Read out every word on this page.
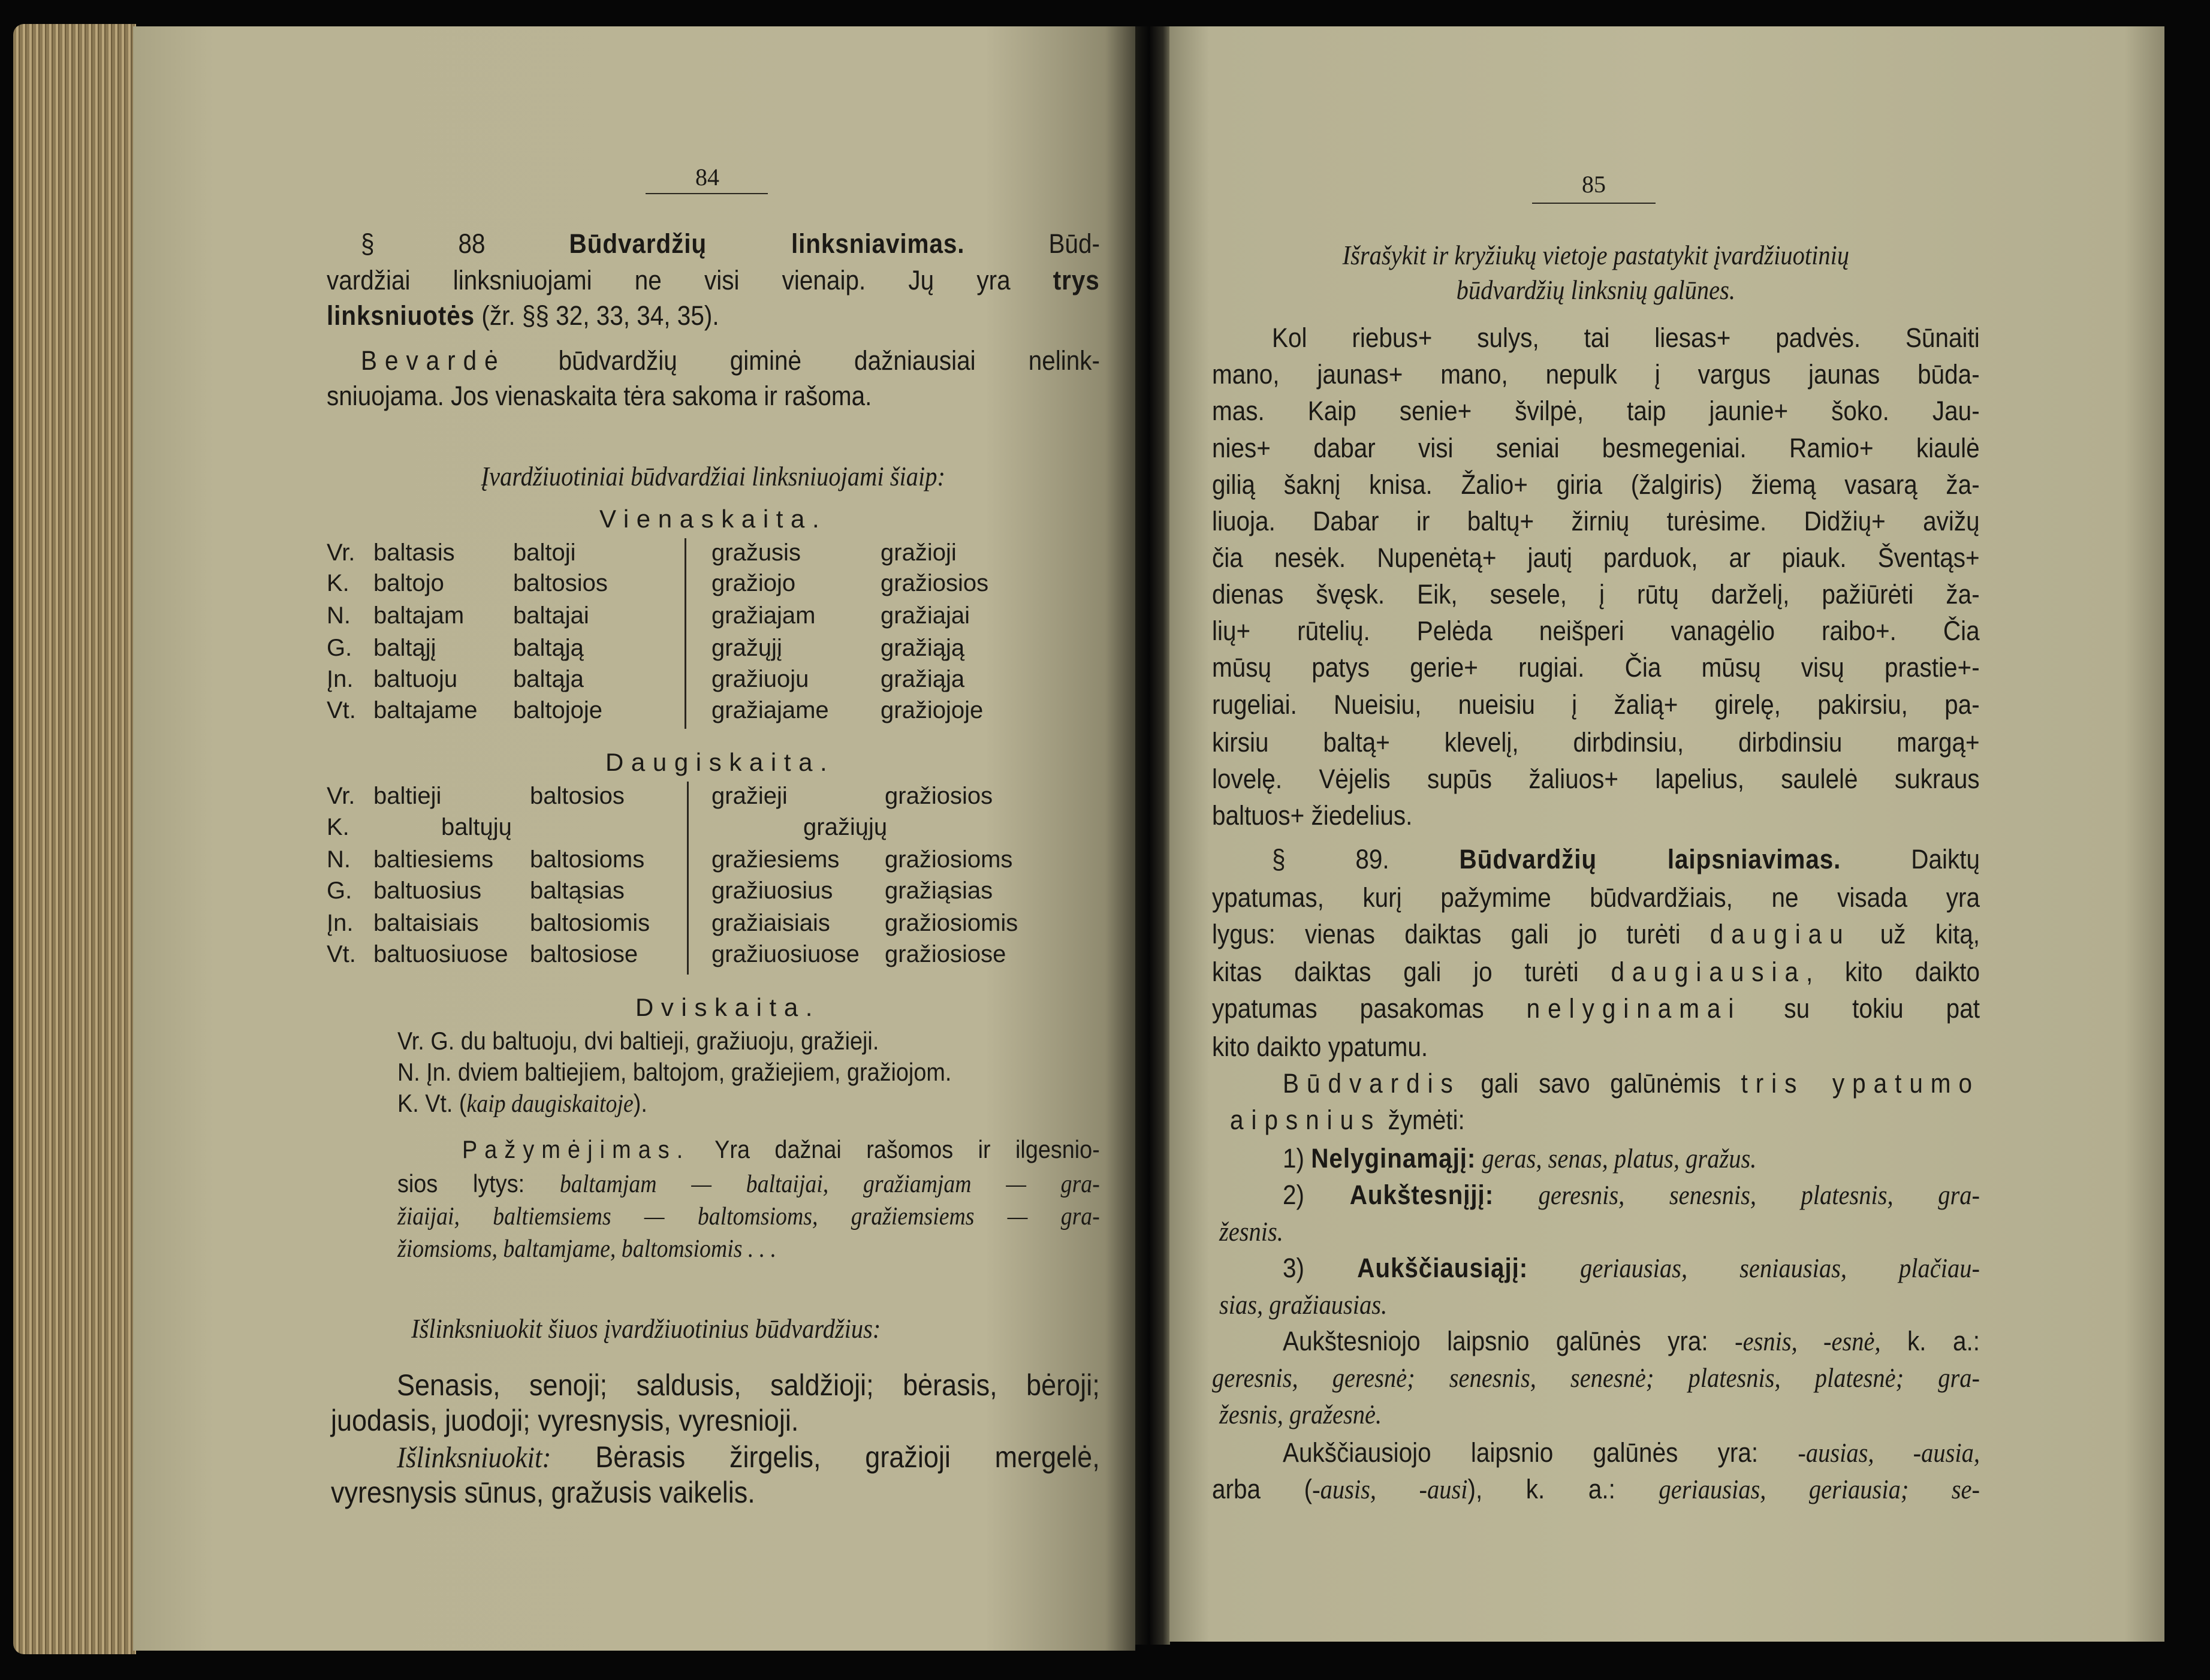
84
§ 88 Būdvardžių linksniavimas. Būd-
vardžiai linksniuojami ne visi vienaip. Jų yra trys
linksniuotės (žr. §§ 32, 33, 34, 35).
Bevardė būdvardžių giminė dažniausiai nelink-
sniuojama. Jos vienaskaita tėra sakoma ir rašoma.
Įvardžiuotiniai būdvardžiai linksniuojami šiaip:
Vienaskaita.
Vr. baltasis baltoji	gražusis	gražioji
K. baltojo	baltosios	gražiojo	gražiosios
N. baltajam baltajai	gražiajam	gražiajai
G. baltąjį	baltąją	gražųjį	gražiąją
Įn. baltuoju baltąja	gražiuoju	gražiąja
Vt. baltajame baltojoje	gražiajame gražiojoje
Daugiskaita.
Vr. baltieji	baltosios	gražieji	gražiosios
K.	baltųjų	gražiųjų
N. baltiesiems baltosioms	gražiesiems gražiosioms
G. baltuosius baltąsias	gražiuosius gražiąsias
Įn. baltaisiais baltosiomis	gražiaisiais gražiosiomis
Vt. baltuosiuose baltosiose	gražiuosiuose gražiosiose
Dviskaita.
Vr. G. du baltuoju, dvi baltieji, gražiuoju, gražieji.
N. Įn. dviem baltiejiem, baltojom, gražiejiem, gražiojom.
K. Vt. (kaip daugiskaitoje).
Pažymėjimas. Yra dažnai rašomos ir ilgesnio-
sios lytys: baltamjam — baltaijai, gražiamjam — gra-
žiaijai, baltiemsiems — baltomsioms, gražiemsiems — gra-
žiomsioms, baltamjame, baltomsiomis . . .
Išlinksniuokit šiuos įvardžiuotinius būdvardžius:
Senasis, senoji; saldusis, saldžioji; bėrasis, bėroji;
juodasis, juodoji; vyresnysis, vyresnioji.
Išlinksniuokit: Bėrasis žirgelis, gražioji mergelė,
vyresnysis sūnus, gražusis vaikelis.
85
Išrašykit ir kryžiukų vietoje pastatykit įvardžiuotinių
būdvardžių linksnių galūnes.
Kol riebus+ sulys, tai liesas+ padvės. Sūnaiti
mano, jaunas+ mano, nepulk į vargus jaunas būda-
mas. Kaip senie+ švilpė, taip jaunie+ šoko. Jau-
nies+ dabar visi seniai besmegeniai. Ramio+ kiaulė
gilią šaknį knisa. Žalio+ giria (žalgiris) žiemą vasarą ža-
liuoja. Dabar ir baltų+ žirnių turėsime. Didžių+ avižų
čia nesėk. Nupenėtą+ jautį parduok, ar piauk. Šventąs+
dienas švęsk. Eik, sesele, į rūtų darželį, pažiūrėti ža-
lių+ rūtelių. Pelėda neišperi vanagėlio raibo+. Čia
mūsų patys gerie+ rugiai. Čia mūsų visų prastie+-
rugeliai. Nueisiu, nueisiu į žalią+ girelę, pakirsiu, pa-
kirsiu baltą+ klevelį, dirbdinsiu, dirbdinsiu margą+
lovelę. Vėjelis supūs žaliuos+ lapelius, saulelė sukraus
baltuos+ žiedelius.
§ 89. Būdvardžių laipsniavimas. Daiktų
ypatumas, kurį pažymime būdvardžiais, ne visada yra
lygus: vienas daiktas gali jo turėti daugiau už kitą,
kitas daiktas gali jo turėti daugiausia, kito daikto
ypatumas pasakomas nelyginamai su tokiu pat
kito daikto ypatumu.
Būdvardis gali savo galūnėmis tris ypatumo
aipsnius žymėti:
1) Nelyginamąjį: geras, senas, platus, gražus.
2) Aukštesnįjį: geresnis, senesnis, platesnis, gra-
žesnis.
3) Aukščiausiąjį: geriausias, seniausias, plačiau-
sias, gražiausias.
Aukštesniojo laipsnio galūnės yra: -esnis, -esnė, k. a.:
geresnis, geresnė; senesnis, senesnė; platesnis, platesnė; gra-
žesnis, gražesnė.
Aukščiausiojo laipsnio galūnės yra: -ausias, -ausia,
arba (-ausis, -ausi), k. a.: geriausias, geriausia; se-
